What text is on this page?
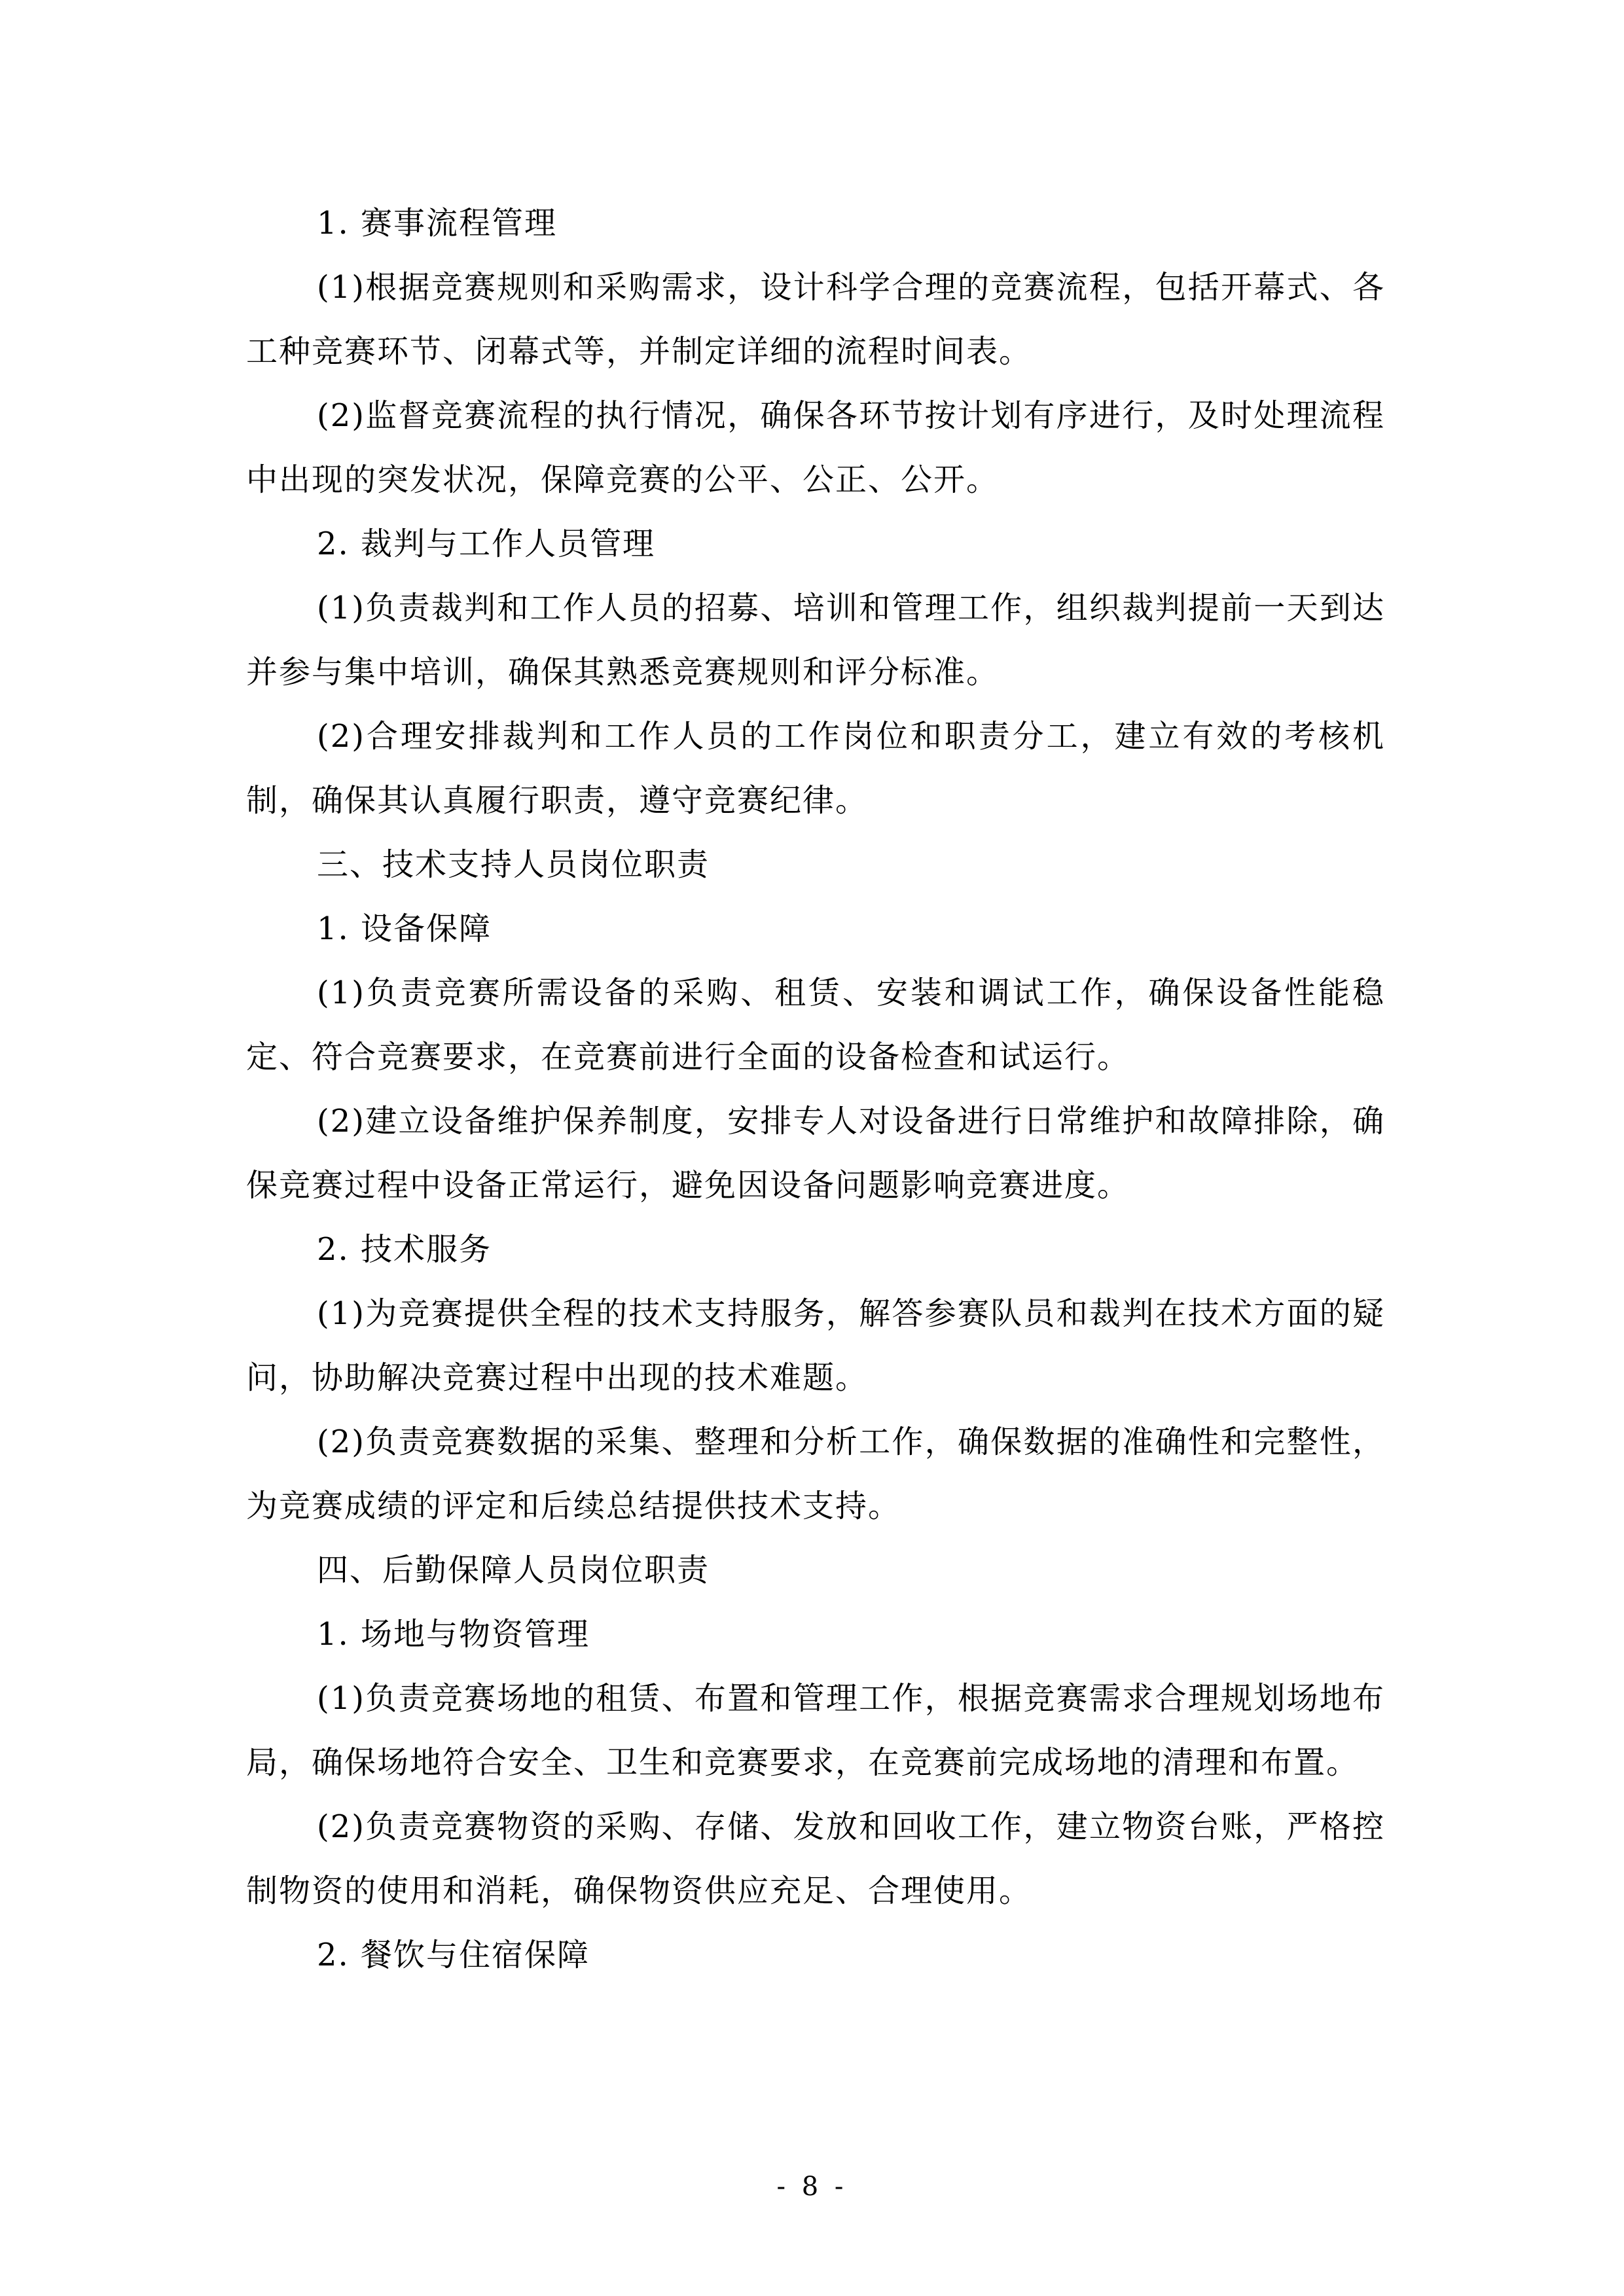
1. 赛事流程管理

(1)根据竞赛规则和采购需求，设计科学合理的竞赛流程，包括开幕式、各工种竞赛环节、闭幕式等，并制定详细的流程时间表。

(2)监督竞赛流程的执行情况，确保各环节按计划有序进行，及时处理流程中出现的突发状况，保障竞赛的公平、公正、公开。

2. 裁判与工作人员管理

(1)负责裁判和工作人员的招募、培训和管理工作，组织裁判提前一天到达并参与集中培训，确保其熟悉竞赛规则和评分标准。

(2)合理安排裁判和工作人员的工作岗位和职责分工，建立有效的考核机制，确保其认真履行职责，遵守竞赛纪律。

三、技术支持人员岗位职责

1. 设备保障

(1)负责竞赛所需设备的采购、租赁、安装和调试工作，确保设备性能稳定、符合竞赛要求，在竞赛前进行全面的设备检查和试运行。

(2)建立设备维护保养制度，安排专人对设备进行日常维护和故障排除，确保竞赛过程中设备正常运行，避免因设备问题影响竞赛进度。

2. 技术服务

(1)为竞赛提供全程的技术支持服务，解答参赛队员和裁判在技术方面的疑问，协助解决竞赛过程中出现的技术难题。

(2)负责竞赛数据的采集、整理和分析工作，确保数据的准确性和完整性，为竞赛成绩的评定和后续总结提供技术支持。

四、后勤保障人员岗位职责

1. 场地与物资管理

(1)负责竞赛场地的租赁、布置和管理工作，根据竞赛需求合理规划场地布局，确保场地符合安全、卫生和竞赛要求，在竞赛前完成场地的清理和布置。

(2)负责竞赛物资的采购、存储、发放和回收工作，建立物资台账，严格控制物资的使用和消耗，确保物资供应充足、合理使用。

2. 餐饮与住宿保障

- 8 -
